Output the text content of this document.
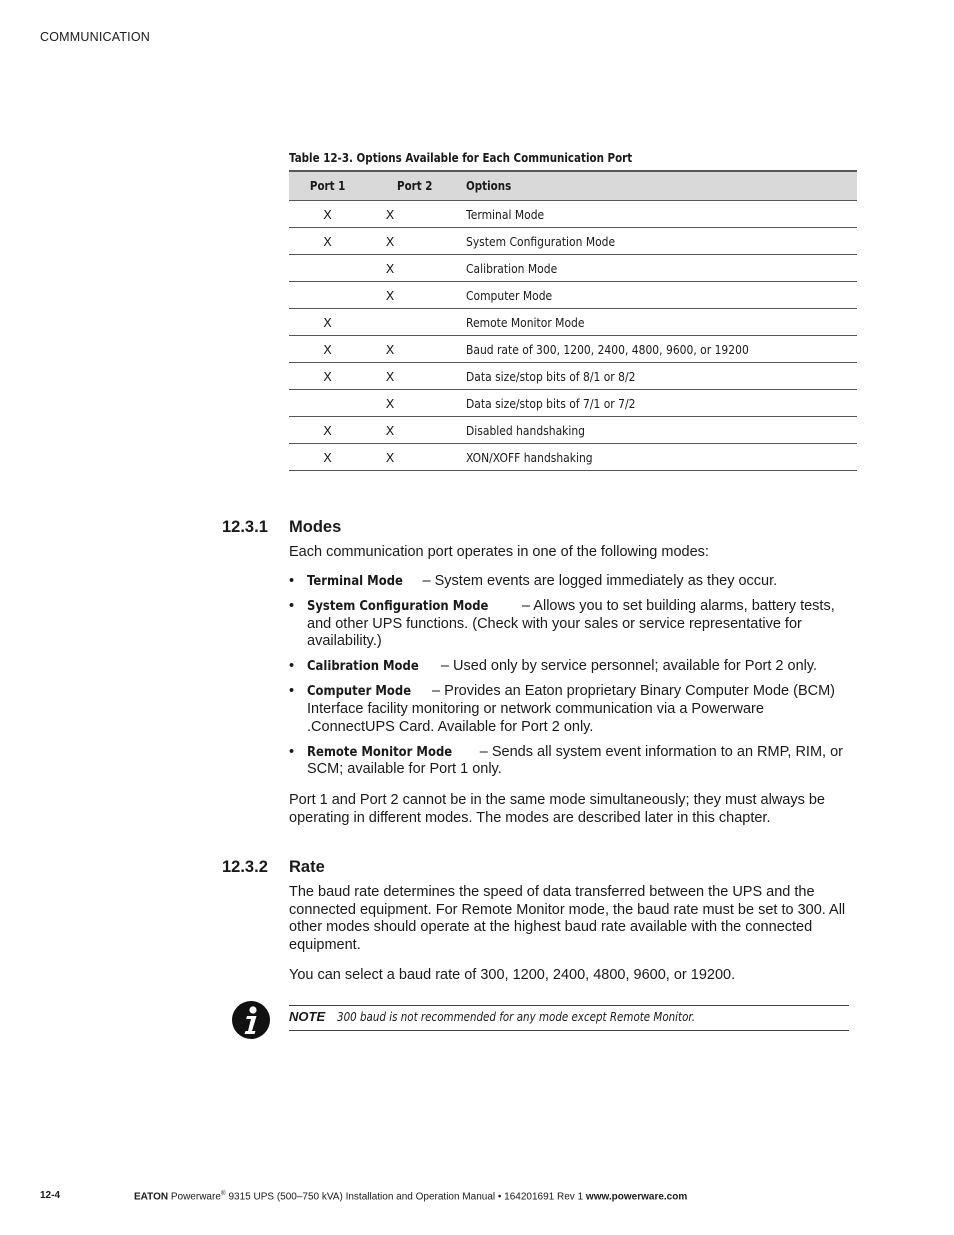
COMMUNICATION
Table 12-3. Options Available for Each Communication Port
Port 1	Port 2	Options
X	X	Terminal Mode
X	X	System Configuration Mode
	X	Calibration Mode
	X	Computer Mode
X		Remote Monitor Mode
X	X	Baud rate of 300, 1200, 2400, 4800, 9600, or 19200
X	X	Data size/stop bits of 8/1 or 8/2
	X	Data size/stop bits of 7/1 or 7/2
X	X	Disabled handshaking
X	X	XON/XOFF handshaking
12.3.1 Modes
Each communication port operates in one of the following modes:
• Terminal Mode – System events are logged immediately as they occur.
• System Configuration Mode – Allows you to set building alarms, battery tests, and other UPS functions. (Check with your sales or service representative for availability.)
• Calibration Mode – Used only by service personnel; available for Port 2 only.
• Computer Mode – Provides an Eaton proprietary Binary Computer Mode (BCM) Interface facility monitoring or network communication via a Powerware .ConnectUPS Card. Available for Port 2 only.
• Remote Monitor Mode – Sends all system event information to an RMP, RIM, or SCM; available for Port 1 only.
Port 1 and Port 2 cannot be in the same mode simultaneously; they must always be operating in different modes. The modes are described later in this chapter.
12.3.2 Rate
The baud rate determines the speed of data transferred between the UPS and the connected equipment. For Remote Monitor mode, the baud rate must be set to 300. All other modes should operate at the highest baud rate available with the connected equipment.
You can select a baud rate of 300, 1200, 2400, 4800, 9600, or 19200.
NOTE 300 baud is not recommended for any mode except Remote Monitor.
12-4	EATON Powerware® 9315 UPS (500–750 kVA) Installation and Operation Manual • 164201691 Rev 1 www.powerware.com
